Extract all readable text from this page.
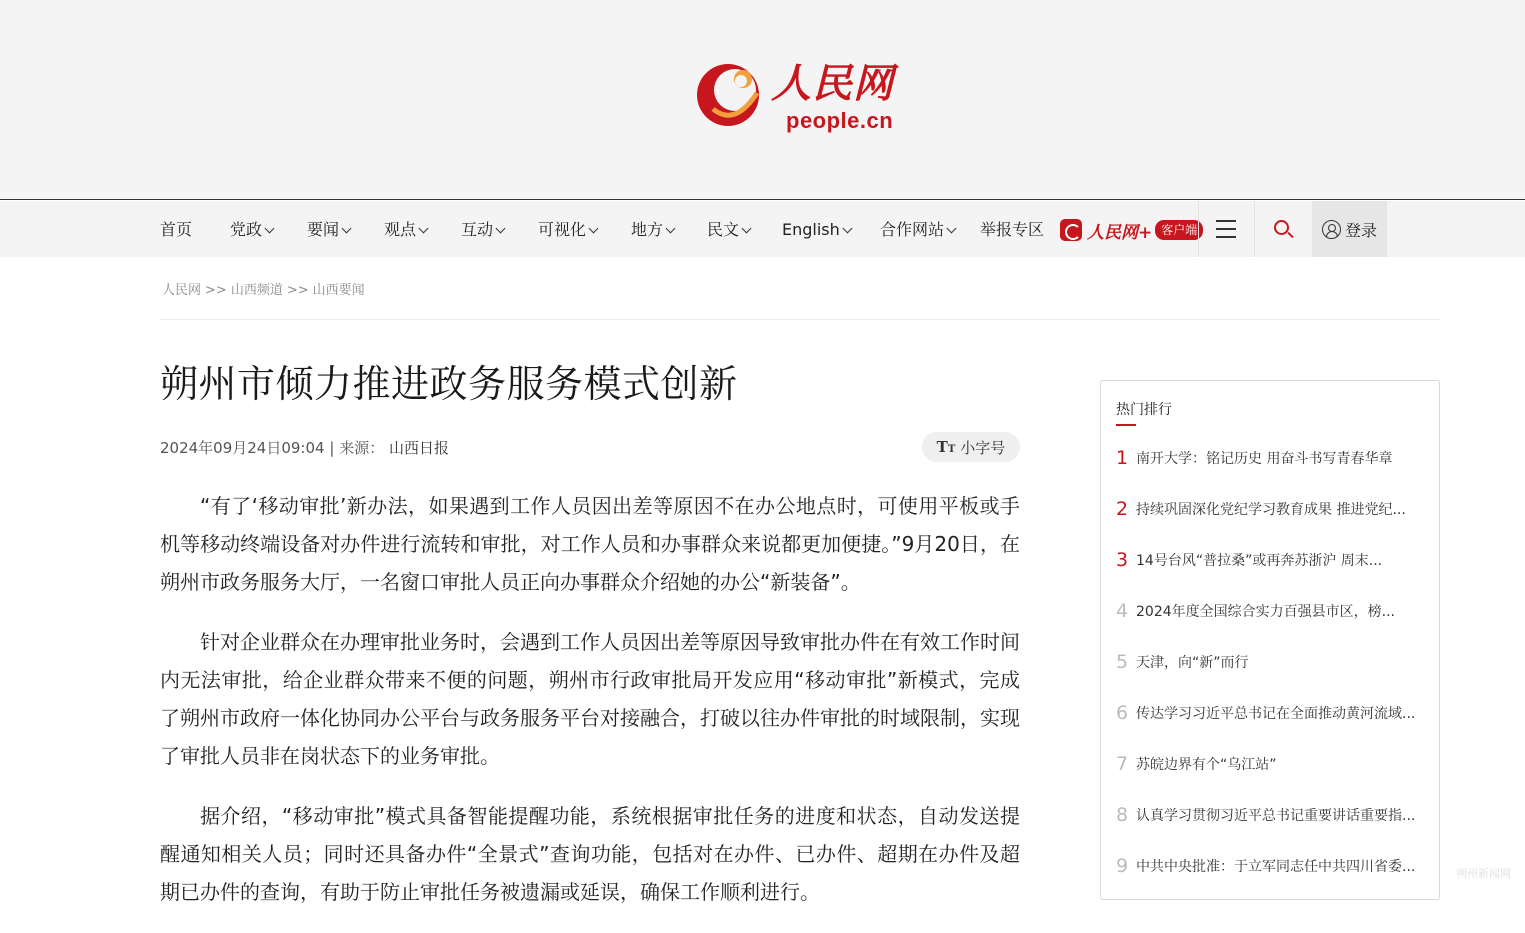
人民网
people.cn
首页 党政	要闻	观点	互动	可视化	地方	民文	English	合作网站	举报专区	人民网+ 客户端	登录
人民网 >> 山西频道 >> 山西要闻
朔州市倾力推进政务服务模式创新
2024年09月24日09:04 | 来源： 山西日报	TT 小字号

“有了‘移动审批’新办法，如果遇到工作人员因出差等原因不在办公地点时，可使用平板或手机等移动终端设备对办件进行流转和审批，对工作人员和办事群众来说都更加便捷。”9月20日，在朔州市政务服务大厅，一名窗口审批人员正向办事群众介绍她的办公“新装备”。

针对企业群众在办理审批业务时，会遇到工作人员因出差等原因导致审批办件在有效工作时间内无法审批，给企业群众带来不便的问题，朔州市行政审批局开发应用“移动审批”新模式，完成了朔州市政府一体化协同办公平台与政务服务平台对接融合，打破以往办件审批的时域限制，实现了审批人员非在岗状态下的业务审批。

据介绍，“移动审批”模式具备智能提醒功能，系统根据审批任务的进度和状态，自动发送提醒通知相关人员；同时还具备办件“全景式”查询功能，包括对在办件、已办件、超期在办件及超期已办件的查询，有助于防止审批任务被遗漏或延误，确保工作顺利进行。

热门排行
1 南开大学：铭记历史 用奋斗书写青春华章
2 持续巩固深化党纪学习教育成果 推进党纪...
3 14号台风“普拉桑”或再奔苏浙沪 周末...
4 2024年度全国综合实力百强县市区，榜...
5 天津，向“新”而行
6 传达学习习近平总书记在全面推动黄河流域...
7 苏皖边界有个“乌江站”
8 认真学习贯彻习近平总书记重要讲话重要指...
9 中共中央批准：于立军同志任中共四川省委...	朔州新闻网
